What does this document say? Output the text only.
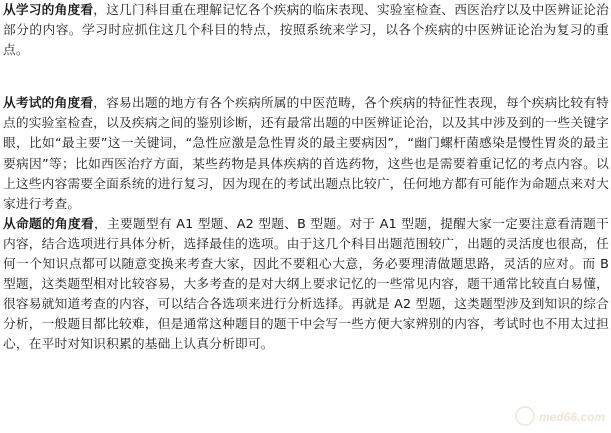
从学习的角度看，这几门科目重在理解记忆各个疾病的临床表现、实验室检查、西医治疗以及中医辨证论治部分的内容。学习时应抓住这几个科目的特点，按照系统来学习，以各个疾病的中医辨证论治为复习的重点。

从考试的角度看，容易出题的地方有各个疾病所属的中医范畴，各个疾病的特征性表现，每个疾病比较有特点的实验室检查，以及疾病之间的鉴别诊断，还有最常出题的中医辨证论治，以及其中涉及到的一些关键字眼，比如“最主要”这一关键词，“急性应激是急性胃炎的最主要病因”，“幽门螺杆菌感染是慢性胃炎的最主要病因”等；比如西医治疗方面，某些药物是具体疾病的首选药物，这些也是需要着重记忆的考点内容。以上这些内容需要全面系统的进行复习，因为现在的考试出题点比较广，任何地方都有可能作为命题点来对大家进行考查。

从命题的角度看，主要题型有 A1 型题、A2 型题、B 型题。对于 A1 型题，提醒大家一定要注意看清题干内容，结合选项进行具体分析，选择最佳的选项。由于这几个科目出题范围较广，出题的灵活度也很高，任何一个知识点都可以随意变换来考查大家，因此不要粗心大意，务必要理清做题思路，灵活的应对。而 B 型题，这类题型相对比较容易，大多考查的是对大纲上要求记忆的一些常见内容，题干通常比较直白易懂，很容易就知道考查的内容，可以结合各选项来进行分析选择。再就是 A2 型题，这类题型涉及到知识的综合分析，一般题目都比较难，但是通常这种题目的题干中会写一些方便大家辨别的内容，考试时也不用太过担心，在平时对知识积累的基础上认真分析即可。

med66.com
